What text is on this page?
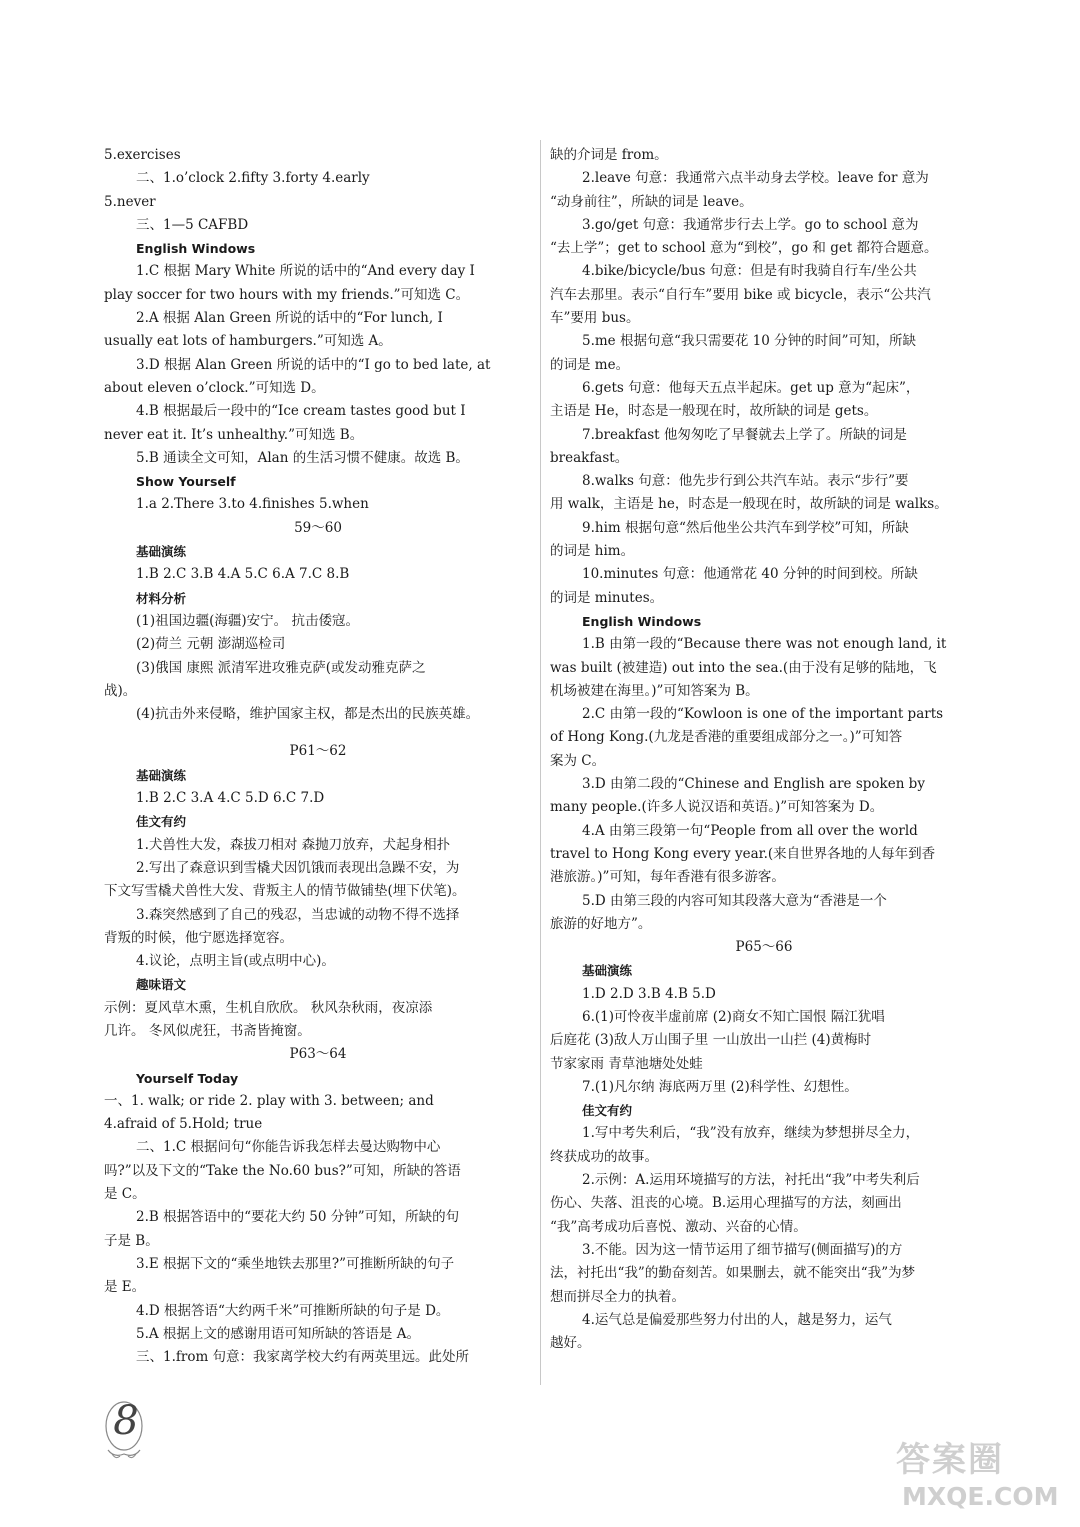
5.exercises
二、1.o’clock 2.fifty 3.forty 4.early
5.never
三、1—5 CAFBD
English Windows
1.C 根据 Mary White 所说的话中的“And every day I
play soccer for two hours with my friends.”可知选 C。
2.A 根据 Alan Green 所说的话中的“For lunch, I
usually eat lots of hamburgers.”可知选 A。
3.D 根据 Alan Green 所说的话中的“I go to bed late, at
about eleven o’clock.”可知选 D。
4.B 根据最后一段中的“Ice cream tastes good but I
never eat it. It’s unhealthy.”可知选 B。
5.B 通读全文可知，Alan 的生活习惯不健康。故选 B。
Show Yourself
1.a 2.There 3.to 4.finishes 5.when
59～60
基础演练
1.B 2.C 3.B 4.A 5.C 6.A 7.C 8.B
材料分析
(1)祖国边疆(海疆)安宁。 抗击倭寇。
(2)荷兰 元朝 澎湖巡检司
(3)俄国 康熙 派清军进攻雅克萨(或发动雅克萨之
战)。
(4)抗击外来侵略，维护国家主权，都是杰出的民族英雄。
P61～62
基础演练
1.B 2.C 3.A 4.C 5.D 6.C 7.D
佳文有约
1.犬兽性大发，森拔刀相对 森抛刀放弃，犬起身相扑
2.写出了森意识到雪橇犬因饥饿而表现出急躁不安，为
下文写雪橇犬兽性大发、背叛主人的情节做铺垫(埋下伏笔)。
3.森突然感到了自己的残忍，当忠诚的动物不得不选择
背叛的时候，他宁愿选择宽容。
4.议论，点明主旨(或点明中心)。
趣味语文
示例：夏风草木熏，生机自欣欣。 秋风杂秋雨，夜凉添
几许。 冬风似虎狂，书斋皆掩窗。
P63～64
Yourself Today
一、1. walk; or ride 2. play with 3. between; and
4.afraid of 5.Hold; true
二、1.C 根据问句“你能告诉我怎样去曼达购物中心
吗?”以及下文的“Take the No.60 bus?”可知，所缺的答语
是 C。
2.B 根据答语中的“要花大约 50 分钟”可知，所缺的句
子是 B。
3.E 根据下文的“乘坐地铁去那里?”可推断所缺的句子
是 E。
4.D 根据答语“大约两千米”可推断所缺的句子是 D。
5.A 根据上文的感谢用语可知所缺的答语是 A。
三、1.from 句意：我家离学校大约有两英里远。此处所
缺的介词是 from。
2.leave 句意：我通常六点半动身去学校。leave for 意为
“动身前往”，所缺的词是 leave。
3.go/get 句意：我通常步行去上学。go to school 意为
“去上学”；get to school 意为“到校”，go 和 get 都符合题意。
4.bike/bicycle/bus 句意：但是有时我骑自行车/坐公共
汽车去那里。表示“自行车”要用 bike 或 bicycle，表示“公共汽
车”要用 bus。
5.me 根据句意“我只需要花 10 分钟的时间”可知，所缺
的词是 me。
6.gets 句意：他每天五点半起床。get up 意为“起床”，
主语是 He，时态是一般现在时，故所缺的词是 gets。
7.breakfast 他匆匆吃了早餐就去上学了。所缺的词是
breakfast。
8.walks 句意：他先步行到公共汽车站。表示“步行”要
用 walk，主语是 he，时态是一般现在时，故所缺的词是 walks。
9.him 根据句意“然后他坐公共汽车到学校”可知，所缺
的词是 him。
10.minutes 句意：他通常花 40 分钟的时间到校。所缺
的词是 minutes。
English Windows
1.B 由第一段的“Because there was not enough land, it
was built (被建造) out into the sea.(由于没有足够的陆地，飞
机场被建在海里。)”可知答案为 B。
2.C 由第一段的“Kowloon is one of the important parts
of Hong Kong.(九龙是香港的重要组成部分之一。)”可知答
案为 C。
3.D 由第二段的“Chinese and English are spoken by
many people.(许多人说汉语和英语。)”可知答案为 D。
4.A 由第三段第一句“People from all over the world
travel to Hong Kong every year.(来自世界各地的人每年到香
港旅游。)”可知，每年香港有很多游客。
5.D 由第三段的内容可知其段落大意为“香港是一个
旅游的好地方”。
P65～66
基础演练
1.D 2.D 3.B 4.B 5.D
6.(1)可怜夜半虚前席 (2)商女不知亡国恨 隔江犹唱
后庭花 (3)敌人万山围子里 一山放出一山拦 (4)黄梅时
节家家雨 青草池塘处处蛙
7.(1)凡尔纳 海底两万里 (2)科学性、幻想性。
佳文有约
1.写中考失利后，“我”没有放弃，继续为梦想拼尽全力，
终获成功的故事。
2.示例：A.运用环境描写的方法，衬托出“我”中考失利后
伤心、失落、沮丧的心境。B.运用心理描写的方法，刻画出
“我”高考成功后喜悦、激动、兴奋的心情。
3.不能。因为这一情节运用了细节描写(侧面描写)的方
法，衬托出“我”的勤奋刻苦。如果删去，就不能突出“我”为梦
想而拼尽全力的执着。
4.运气总是偏爱那些努力付出的人，越是努力，运气
越好。
8
答案圈
MXQE.COM
